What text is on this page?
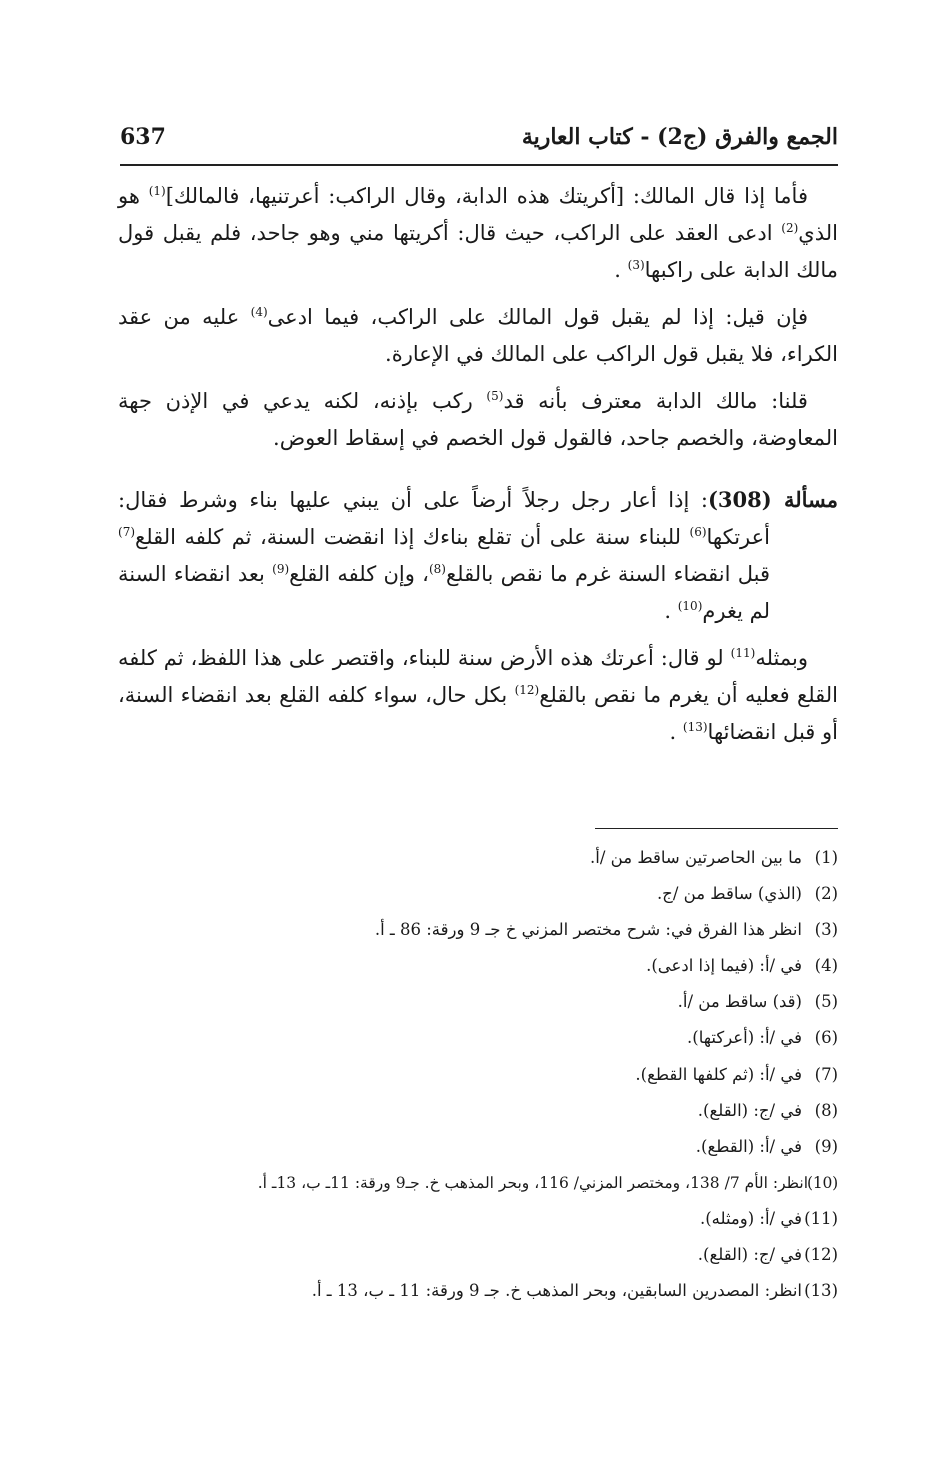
637	الجمع والفرق (ج2) - كتاب العارية

فأما إذا قال المالك: [أكريتك هذه الدابة، وقال الراكب: أعرتنيها، فالمالك]$^{(1)}$ هو الذي$^{(2)}$ ادعى العقد على الراكب، حيث قال: أكريتها مني وهو جاحد، فلم يقبل قول مالك الدابة على راكبها$^{(3)}$ .

فإن قيل: إذا لم يقبل قول المالك على الراكب، فيما ادعى$^{(4)}$ عليه من عقد الكراء، فلا يقبل قول الراكب على المالك في الإعارة.

قلنا: مالك الدابة معترف بأنه قد$^{(5)}$ ركب بإذنه، لكنه يدعي في الإذن جهة المعاوضة، والخصم جاحد، فالقول قول الخصم في إسقاط العوض.

مسألة (308): إذا أعار رجل رجلاً أرضاً على أن يبني عليها بناء وشرط فقال: أعرتكها$^{(6)}$ للبناء سنة على أن تقلع بناءك إذا انقضت السنة، ثم كلفه القلع$^{(7)}$ قبل انقضاء السنة غرم ما نقص بالقلع$^{(8)}$، وإن كلفه القلع$^{(9)}$ بعد انقضاء السنة لم يغرم$^{(10)}$ .

وبمثله$^{(11)}$ لو قال: أعرتك هذه الأرض سنة للبناء، واقتصر على هذا اللفظ، ثم كلفه القلع فعليه أن يغرم ما نقص بالقلع$^{(12)}$ بكل حال، سواء كلفه القلع بعد انقضاء السنة، أو قبل انقضائها$^{(13)}$ .

(1)ما بين الحاصرتين ساقط من /أ.
(2)(الذي) ساقط من /ج.
(3)انظر هذا الفرق في: شرح مختصر المزني خ جـ 9 ورقة: 86 ـ أ.
(4)في /أ: (فيما إذا ادعى).
(5)(قد) ساقط من /أ.
(6)في /أ: (أعركتها).
(7)في /أ: (ثم كلفها القطع).
(8)في /ج: (القلع).
(9)في /أ: (القطع).
(10)انظر: الأم 7/ 138، ومختصر المزني/ 116، وبحر المذهب خ. جـ9 ورقة: 11ـ ب، 13ـ أ.
(11)في /أ: (ومثله).
(12)في /ج: (القلع).
(13)انظر: المصدرين السابقين، وبحر المذهب خ. جـ 9 ورقة: 11 ـ ب، 13 ـ أ.
